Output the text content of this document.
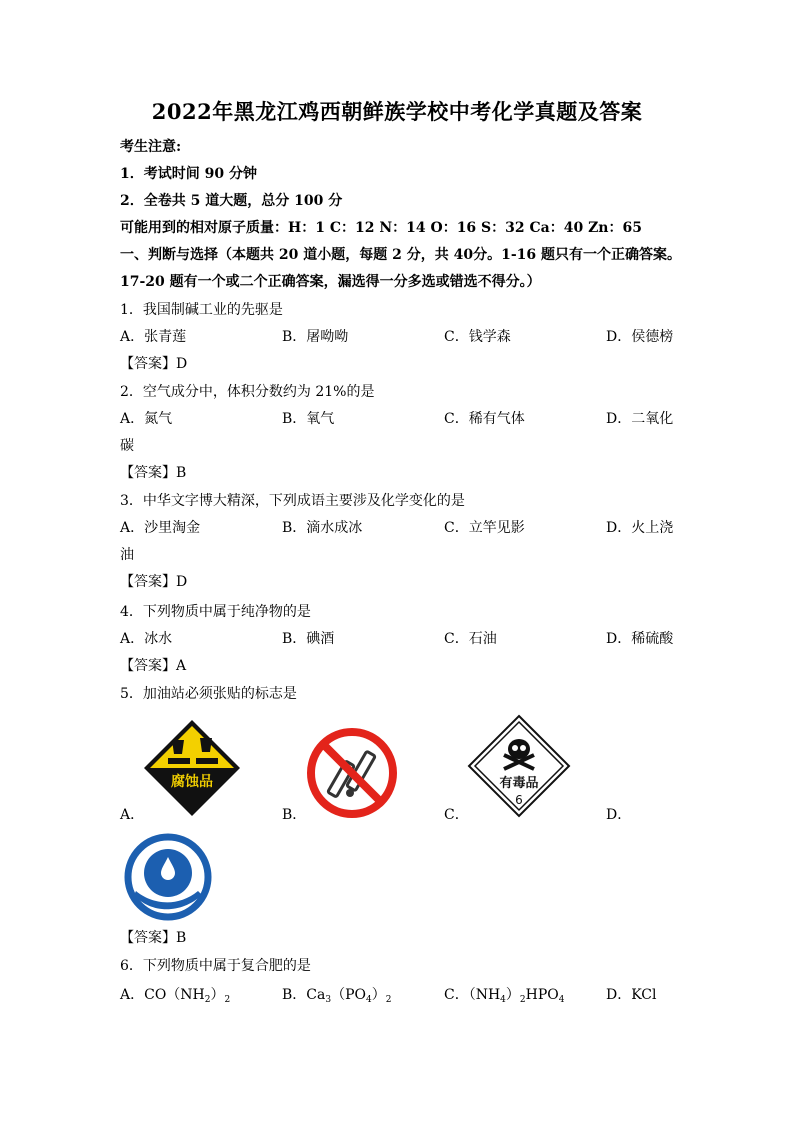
2022年黑龙江鸡西朝鲜族学校中考化学真题及答案
考生注意:
1．考试时间 90 分钟
2．全卷共 5 道大题，总分 100 分
可能用到的相对原子质量：H：1 C：12 N：14 O：16 S：32 Ca：40 Zn：65
一、判断与选择（本题共 20 道小题，每题 2 分，共 40分。1-16 题只有一个正确答案。
17-20 题有一个或二个正确答案，漏选得一分多选或错选不得分。）
1．我国制碱工业的先驱是
A．张青莲	B．屠呦呦	C．钱学森	D．侯德榜
【答案】D
2．空气成分中，体积分数约为 21%的是
A．氮气	B．氧气	C．稀有气体	D．二氧化
碳
【答案】B
3．中华文字博大精深，下列成语主要涉及化学变化的是
A．沙里淘金	B．滴水成冰	C．立竿见影	D．火上浇
油
【答案】D
4．下列物质中属于纯净物的是
A．冰水	B．碘酒	C．石油	D．稀硫酸
【答案】A
5．加油站必须张贴的标志是
腐蚀品	有毒品
6
A．	B．	C．	D．
【答案】B
6．下列物质中属于复合肥的是
A．$CO(NH_2)_2$	B．$Ca_3(PO_4)_2$	C．$(NH_4)_2HPO_4$	D．KCl
